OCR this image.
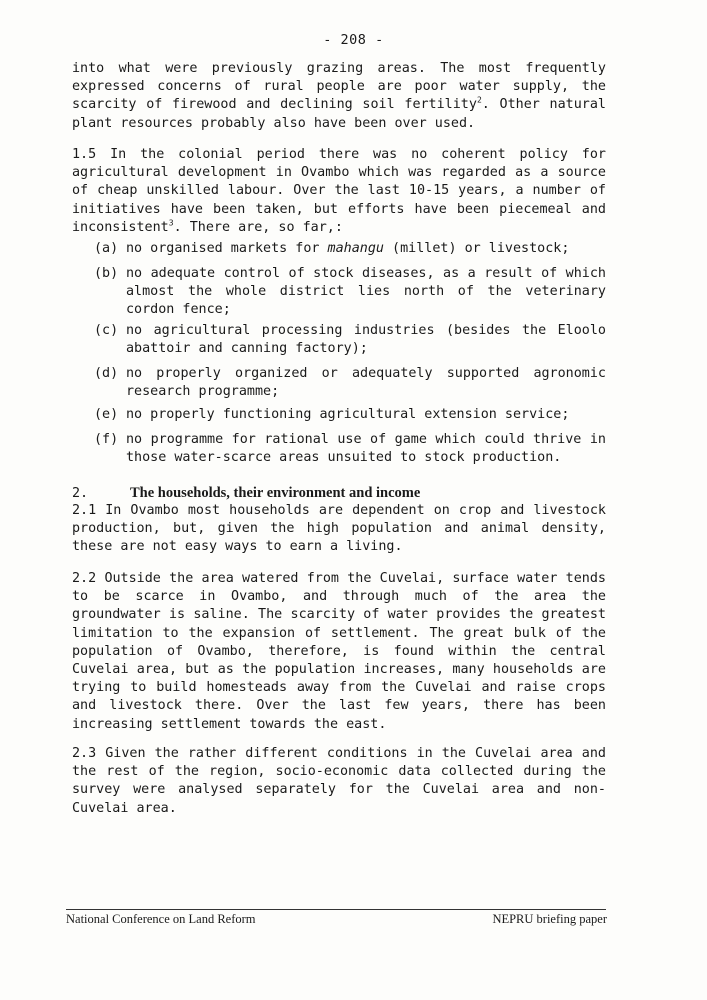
- 208 -

into what were previously grazing areas. The most frequently expressed concerns of rural people are poor water supply, the scarcity of firewood and declining soil fertility$^2$. Other natural plant resources probably also have been over used.

1.5 In the colonial period there was no coherent policy for agricultural development in Ovambo which was regarded as a source of cheap unskilled labour. Over the last 10-15 years, a number of initiatives have been taken, but efforts have been piecemeal and inconsistent$^3$. There are, so far,:

(a) no organised markets for mahangu (millet) or livestock;
(b) no adequate control of stock diseases, as a result of which almost the whole district lies north of the veterinary cordon fence;
(c) no agricultural processing industries (besides the Eloolo abattoir and canning factory);
(d) no properly organized or adequately supported agronomic research programme;
(e) no properly functioning agricultural extension service;
(f) no programme for rational use of game which could thrive in those water-scarce areas unsuited to stock production.
2.	The households, their environment and income

2.1 In Ovambo most households are dependent on crop and livestock production, but, given the high population and animal density, these are not easy ways to earn a living.

2.2 Outside the area watered from the Cuvelai, surface water tends to be scarce in Ovambo, and through much of the area the groundwater is saline. The scarcity of water provides the greatest limitation to the expansion of settlement. The great bulk of the population of Ovambo, therefore, is found within the central Cuvelai area, but as the population increases, many households are trying to build homesteads away from the Cuvelai and raise crops and livestock there. Over the last few years, there has been increasing settlement towards the east.

2.3 Given the rather different conditions in the Cuvelai area and the rest of the region, socio-economic data collected during the survey were analysed separately for the Cuvelai area and non-Cuvelai area.

National Conference on Land Reform	NEPRU briefing paper
